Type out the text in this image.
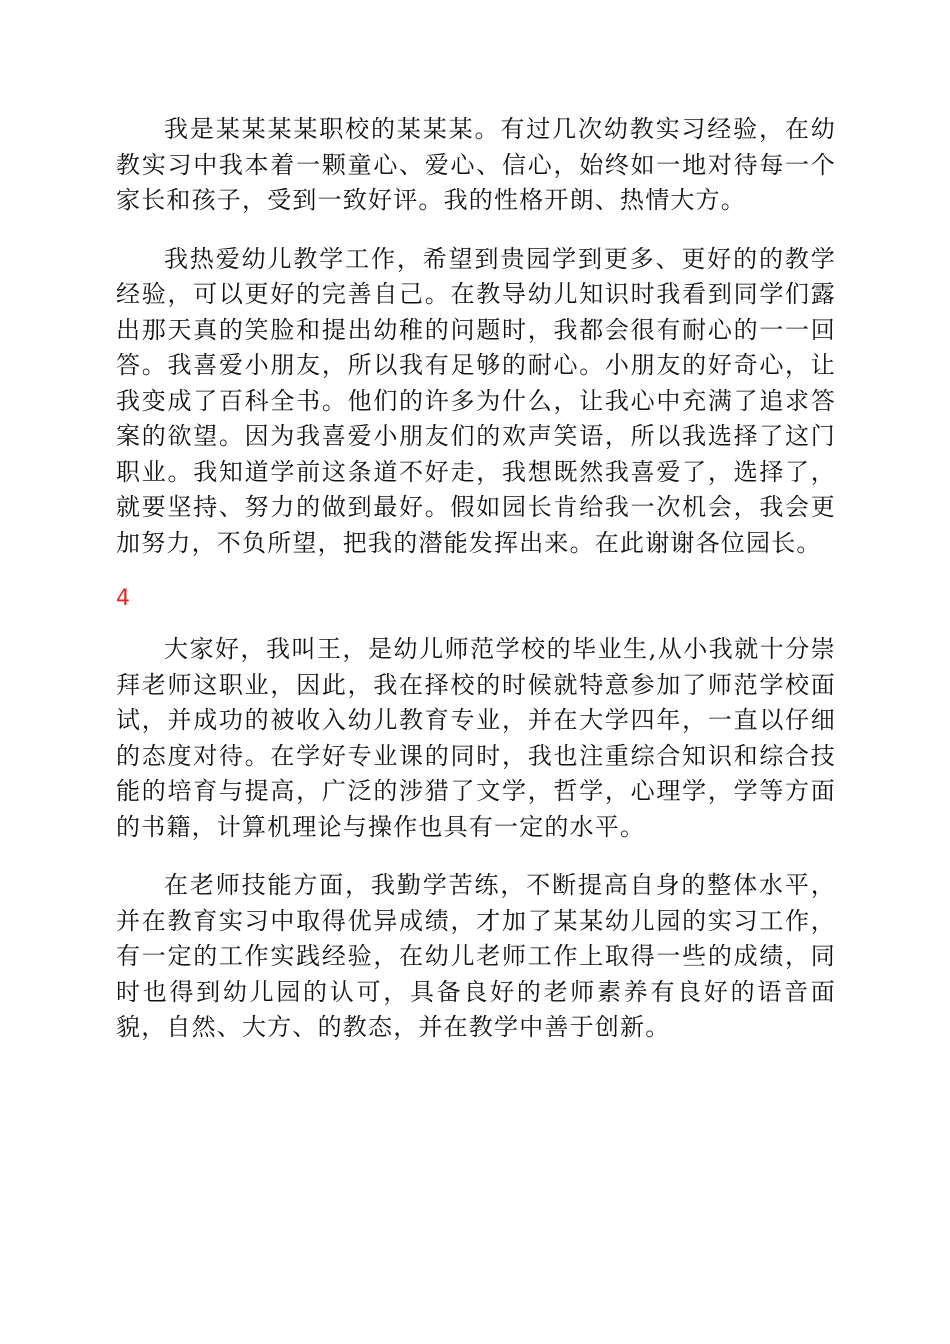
我是某某某某职校的某某某。有过几次幼教实习经验，在幼教实习中我本着一颗童心、爱心、信心，始终如一地对待每一个家长和孩子，受到一致好评。我的性格开朗、热情大方。

我热爱幼儿教学工作，希望到贵园学到更多、更好的的教学经验，可以更好的完善自己。在教导幼儿知识时我看到同学们露出那天真的笑脸和提出幼稚的问题时，我都会很有耐心的一一回答。我喜爱小朋友，所以我有足够的耐心。小朋友的好奇心，让我变成了百科全书。他们的许多为什么，让我心中充满了追求答案的欲望。因为我喜爱小朋友们的欢声笑语，所以我选择了这门职业。我知道学前这条道不好走，我想既然我喜爱了，选择了，就要坚持、努力的做到最好。假如园长肯给我一次机会，我会更加努力，不负所望，把我的潜能发挥出来。在此谢谢各位园长。

4

大家好，我叫王，是幼儿师范学校的毕业生,从小我就十分崇拜老师这职业，因此，我在择校的时候就特意参加了师范学校面试，并成功的被收入幼儿教育专业，并在大学四年，一直以仔细的态度对待。在学好专业课的同时，我也注重综合知识和综合技能的培育与提高，广泛的涉猎了文学，哲学，心理学，学等方面的书籍，计算机理论与操作也具有一定的水平。

在老师技能方面，我勤学苦练，不断提高自身的整体水平，并在教育实习中取得优异成绩，才加了某某幼儿园的实习工作，有一定的工作实践经验，在幼儿老师工作上取得一些的成绩，同时也得到幼儿园的认可，具备良好的老师素养有良好的语音面貌，自然、大方、的教态，并在教学中善于创新。
